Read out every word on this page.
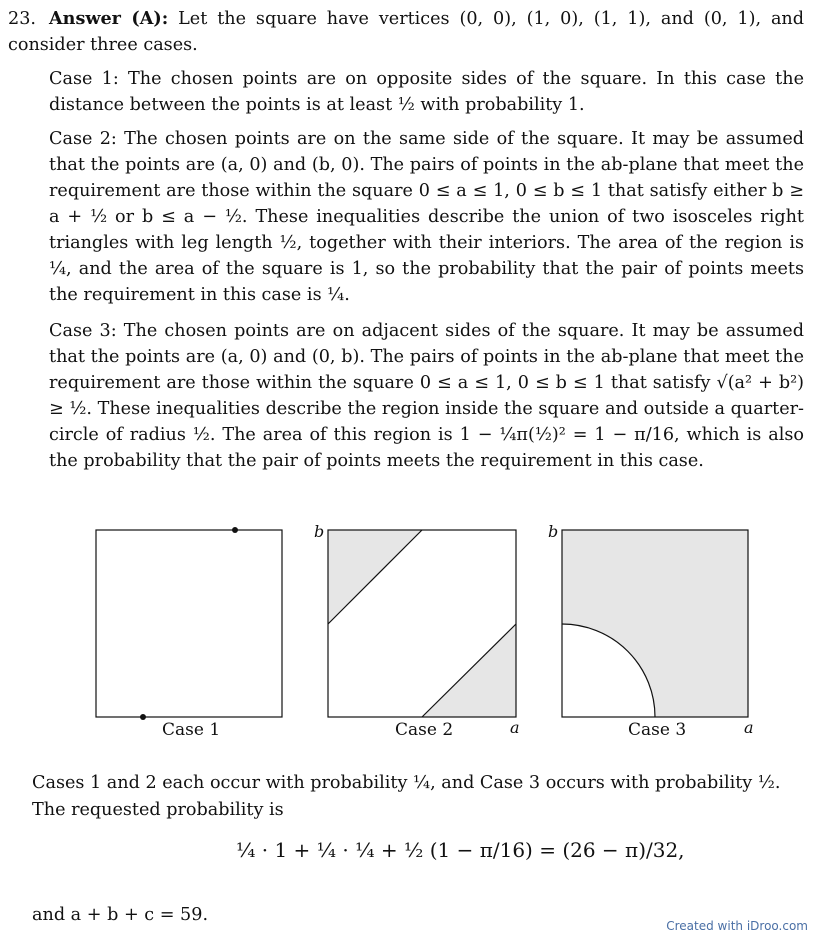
23. Answer (A): Let the square have vertices (0, 0), (1, 0), (1, 1), and (0, 1), and consider three cases.
Case 1: The chosen points are on opposite sides of the square. In this case the distance between the points is at least ½ with probability 1.
Case 2: The chosen points are on the same side of the square. It may be assumed that the points are (a, 0) and (b, 0). The pairs of points in the ab-plane that meet the requirement are those within the square 0 ≤ a ≤ 1, 0 ≤ b ≤ 1 that satisfy either b ≥ a + ½ or b ≤ a − ½. These inequalities describe the union of two isosceles right triangles with leg length ½, together with their interiors. The area of the region is ¼, and the area of the square is 1, so the probability that the pair of points meets the requirement in this case is ¼.
Case 3: The chosen points are on adjacent sides of the square. It may be assumed that the points are (a, 0) and (0, b). The pairs of points in the ab-plane that meet the requirement are those within the square 0 ≤ a ≤ 1, 0 ≤ b ≤ 1 that satisfy √(a² + b²) ≥ ½. These inequalities describe the region inside the square and outside a quarter-circle of radius ½. The area of this region is 1 − ¼π(½)² = 1 − π/16, which is also the probability that the pair of points meets the requirement in this case.
Case 1
b
Case 2	a
b
Case 3	a
Cases 1 and 2 each occur with probability ¼, and Case 3 occurs with probability ½. The requested probability is
¼ · 1 + ¼ · ¼ + ½ (1 − π/16) = (26 − π)/32,
and a + b + c = 59.
Created with iDroo.com
